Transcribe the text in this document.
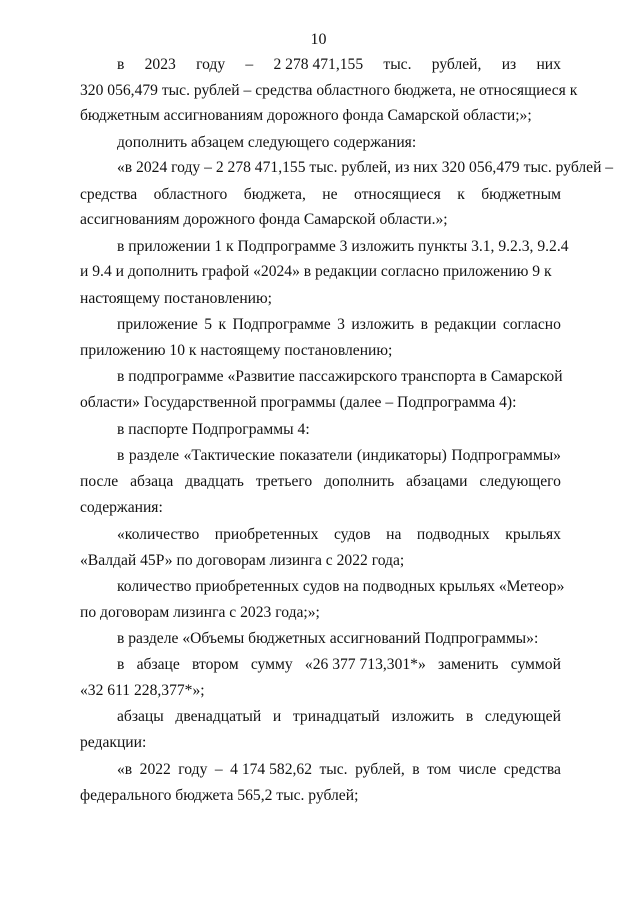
10
в 2023 году – 2 278 471,155 тыс. рублей, из них
320 056,479 тыс. рублей – средства областного бюджета, не относящиеся к
бюджетным ассигнованиям дорожного фонда Самарской области;»;
дополнить абзацем следующего содержания:
«в 2024 году – 2 278 471,155 тыс. рублей, из них 320 056,479 тыс. рублей –
средства областного бюджета, не относящиеся к бюджетным
ассигнованиям дорожного фонда Самарской области.»;
в приложении 1 к Подпрограмме 3 изложить пункты 3.1, 9.2.3, 9.2.4
и 9.4 и дополнить графой «2024» в редакции согласно приложению 9 к
настоящему постановлению;
приложение 5 к Подпрограмме 3 изложить в редакции согласно
приложению 10 к настоящему постановлению;
в подпрограмме «Развитие пассажирского транспорта в Самарской
области» Государственной программы (далее – Подпрограмма 4):
в паспорте Подпрограммы 4:
в разделе «Тактические показатели (индикаторы) Подпрограммы»
после абзаца двадцать третьего дополнить абзацами следующего
содержания:
«количество приобретенных судов на подводных крыльях
«Валдай 45Р» по договорам лизинга с 2022 года;
количество приобретенных судов на подводных крыльях «Метеор»
по договорам лизинга с 2023 года;»;
в разделе «Объемы бюджетных ассигнований Подпрограммы»:
в абзаце втором сумму «26 377 713,301*» заменить суммой
«32 611 228,377*»;
абзацы двенадцатый и тринадцатый изложить в следующей
редакции:
«в 2022 году – 4 174 582,62 тыс. рублей, в том числе средства
федерального бюджета 565,2 тыс. рублей;
